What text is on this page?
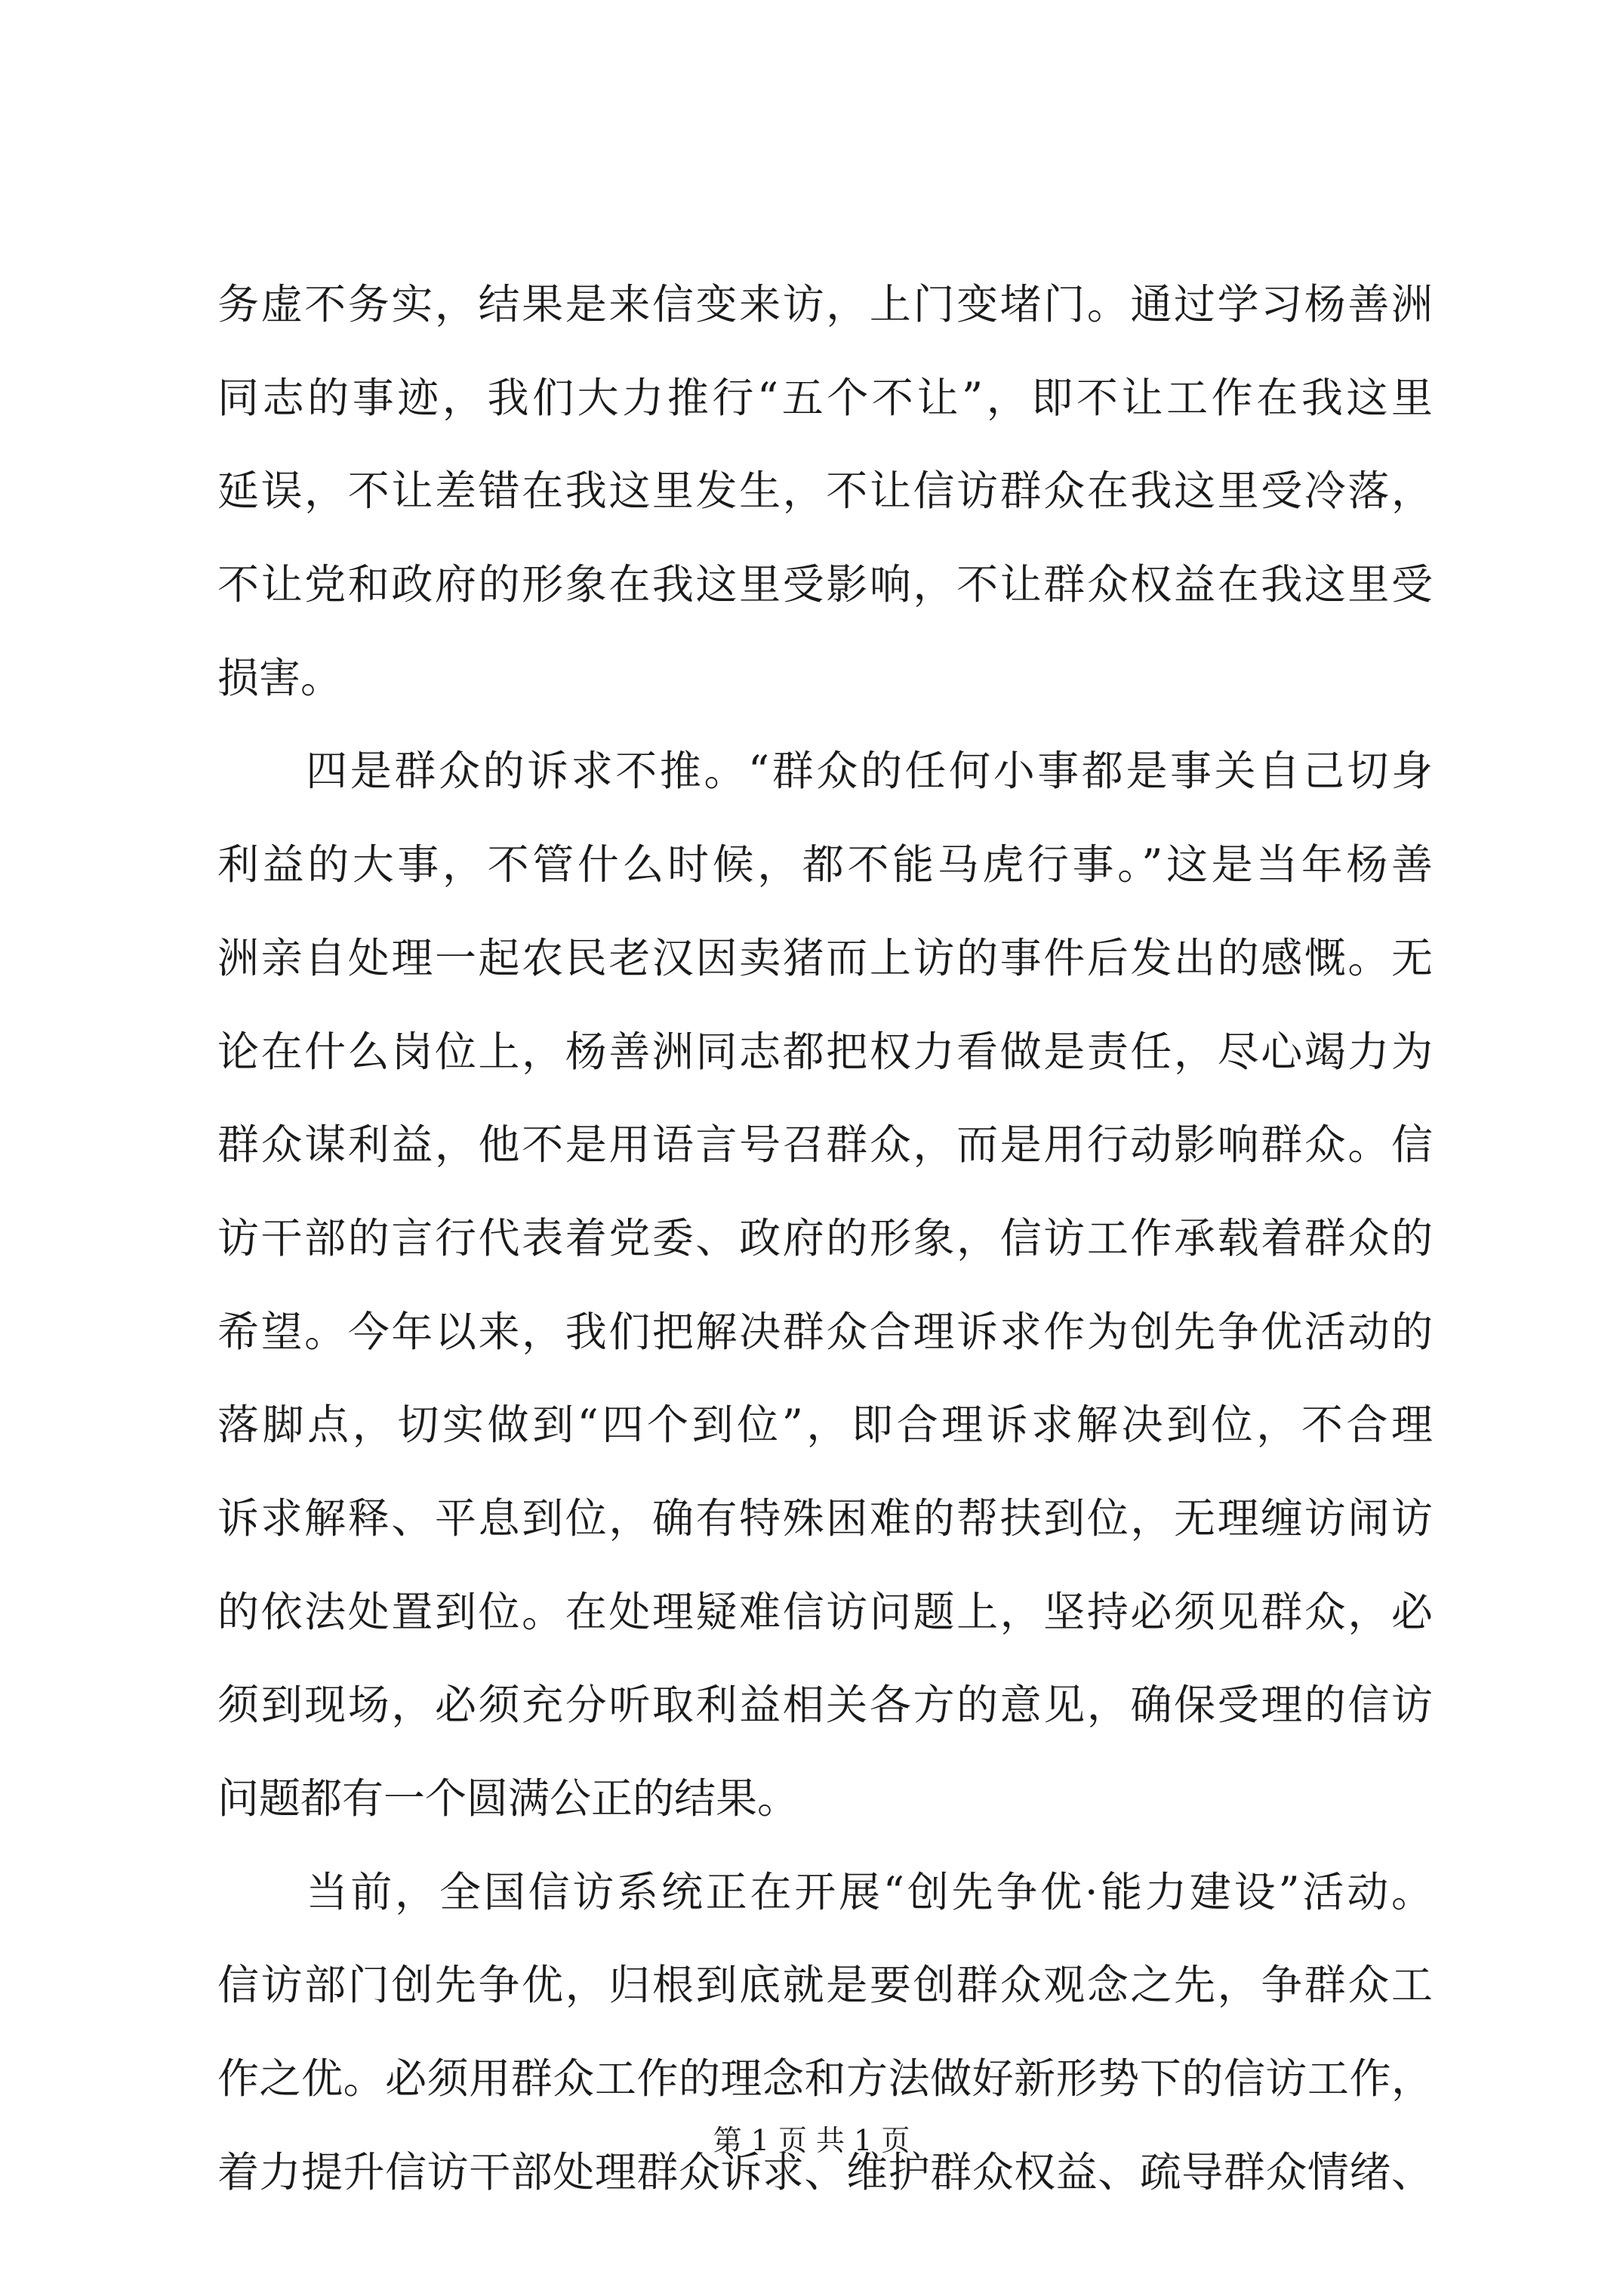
务虚不务实，结果是来信变来访，上门变堵门。通过学习杨善洲
同志的事迹，我们大力推行“五个不让”，即不让工作在我这里
延误，不让差错在我这里发生，不让信访群众在我这里受冷落，
不让党和政府的形象在我这里受影响，不让群众权益在我这里受
损害。
　　四是群众的诉求不推。“群众的任何小事都是事关自己切身
利益的大事，不管什么时候，都不能马虎行事。”这是当年杨善
洲亲自处理一起农民老汉因卖猪而上访的事件后发出的感慨。无
论在什么岗位上，杨善洲同志都把权力看做是责任，尽心竭力为
群众谋利益，他不是用语言号召群众，而是用行动影响群众。信
访干部的言行代表着党委、政府的形象，信访工作承载着群众的
希望。今年以来，我们把解决群众合理诉求作为创先争优活动的
落脚点，切实做到“四个到位”，即合理诉求解决到位，不合理
诉求解释、平息到位，确有特殊困难的帮扶到位，无理缠访闹访
的依法处置到位。在处理疑难信访问题上，坚持必须见群众，必
须到现场，必须充分听取利益相关各方的意见，确保受理的信访
问题都有一个圆满公正的结果。
　　当前，全国信访系统正在开展“创先争优·能力建设”活动。
信访部门创先争优，归根到底就是要创群众观念之先，争群众工
作之优。必须用群众工作的理念和方法做好新形势下的信访工作，
着力提升信访干部处理群众诉求、维护群众权益、疏导群众情绪、
第 1 页 共 1 页
